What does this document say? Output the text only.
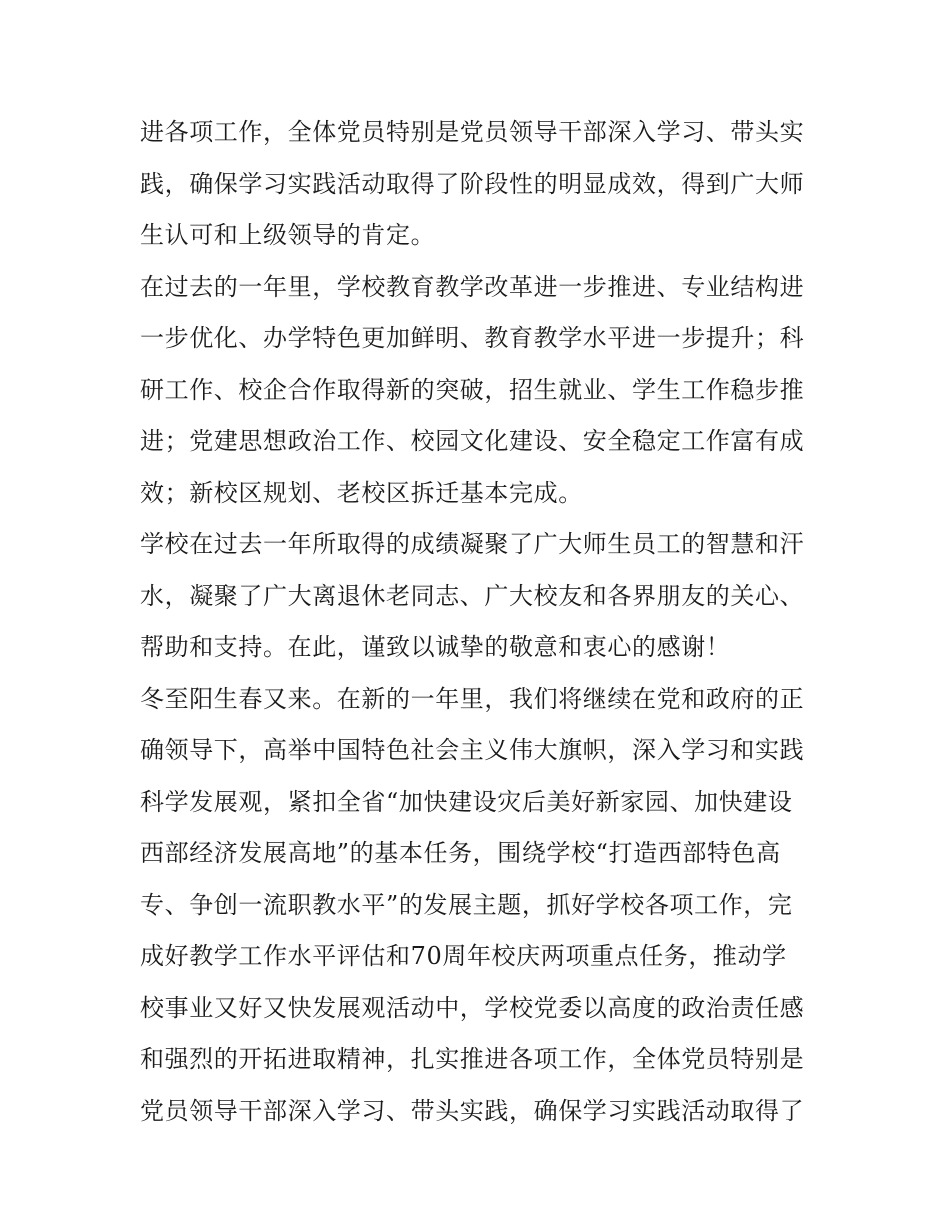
进各项工作，全体党员特别是党员领导干部深入学习、带头实
践，确保学习实践活动取得了阶段性的明显成效，得到广大师
生认可和上级领导的肯定。
在过去的一年里，学校教育教学改革进一步推进、专业结构进
一步优化、办学特色更加鲜明、教育教学水平进一步提升；科
研工作、校企合作取得新的突破，招生就业、学生工作稳步推
进；党建思想政治工作、校园文化建设、安全稳定工作富有成
效；新校区规划、老校区拆迁基本完成。
学校在过去一年所取得的成绩凝聚了广大师生员工的智慧和汗
水，凝聚了广大离退休老同志、广大校友和各界朋友的关心、
帮助和支持。在此，谨致以诚挚的敬意和衷心的感谢！
冬至阳生春又来。在新的一年里，我们将继续在党和政府的正
确领导下，高举中国特色社会主义伟大旗帜，深入学习和实践
科学发展观，紧扣全省“加快建设灾后美好新家园、加快建设
西部经济发展高地”的基本任务，围绕学校“打造西部特色高
专、争创一流职教水平”的发展主题，抓好学校各项工作，完
成好教学工作水平评估和70周年校庆两项重点任务，推动学
校事业又好又快发展观活动中，学校党委以高度的政治责任感
和强烈的开拓进取精神，扎实推进各项工作，全体党员特别是
党员领导干部深入学习、带头实践，确保学习实践活动取得了
